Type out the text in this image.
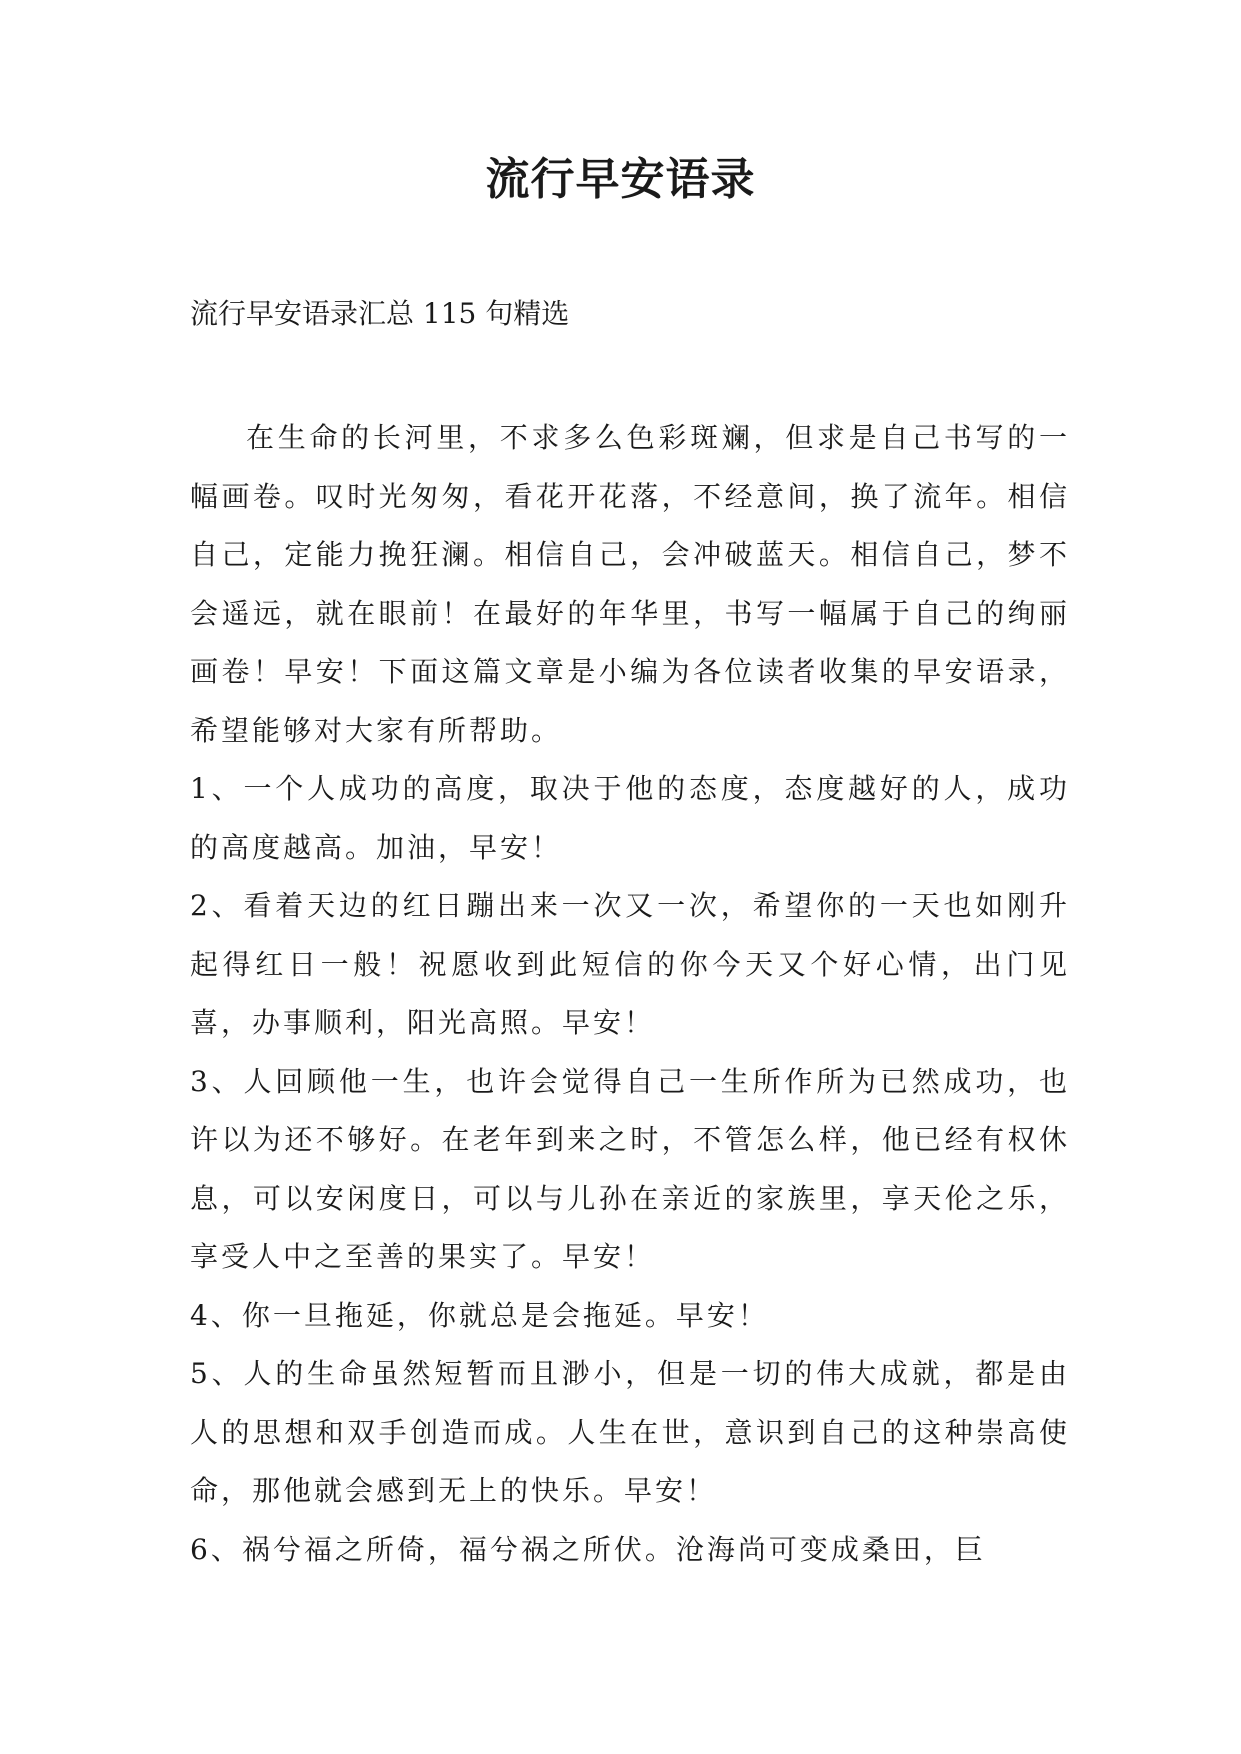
流行早安语录

流行早安语录汇总 115 句精选

在生命的长河里，不求多么色彩斑斓，但求是自己书写的一幅画卷。叹时光匆匆，看花开花落，不经意间，换了流年。相信自己，定能力挽狂澜。相信自己，会冲破蓝天。相信自己，梦不会遥远，就在眼前！在最好的年华里，书写一幅属于自己的绚丽画卷！早安！下面这篇文章是小编为各位读者收集的早安语录，希望能够对大家有所帮助。

1、一个人成功的高度，取决于他的态度，态度越好的人，成功的高度越高。加油，早安！

2、看着天边的红日蹦出来一次又一次，希望你的一天也如刚升起得红日一般！祝愿收到此短信的你今天又个好心情，出门见喜，办事顺利，阳光高照。早安！

3、人回顾他一生，也许会觉得自己一生所作所为已然成功，也许以为还不够好。在老年到来之时，不管怎么样，他已经有权休息，可以安闲度日，可以与儿孙在亲近的家族里，享天伦之乐，享受人中之至善的果实了。早安！

4、你一旦拖延，你就总是会拖延。早安！

5、人的生命虽然短暂而且渺小，但是一切的伟大成就，都是由人的思想和双手创造而成。人生在世，意识到自己的这种崇高使命，那他就会感到无上的快乐。早安！

6、祸兮福之所倚，福兮祸之所伏。沧海尚可变成桑田，巨
